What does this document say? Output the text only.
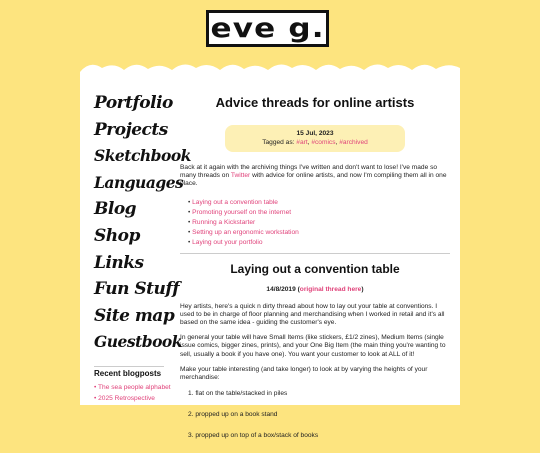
eve g.
Portfolio
Projects
Sketchbook
Languages
Blog
Shop
Links
Fun Stuff
Site map
Guestbook
Recent blogposts
• The sea people alphabet
• 2025 Retrospective
Advice threads for online artists
15 Jul, 2023
Tagged as: #art, #comics, #archived

Back at it again with the archiving things I've written and don't want to lose! I've made so many threads on Twitter with advice for online artists, and now I'm compiling them all in one place.

• Laying out a convention table
• Promoting yourself on the internet
• Running a Kickstarter
• Setting up an ergonomic workstation
• Laying out your portfolio
Laying out a convention table
14/8/2019 (original thread here)

Hey artists, here's a quick n dirty thread about how to lay out your table at conventions. I used to be in charge of floor planning and merchandising when I worked in retail and it's all based on the same idea - guiding the customer's eye.

In general your table will have Small Items (like stickers, £1/2 zines), Medium Items (single issue comics, bigger zines, prints), and your One Big Item (the main thing you're wanting to sell, usually a book if you have one). You want your customer to look at ALL of it!

Make your table interesting (and take longer) to look at by varying the heights of your merchandise:

1. flat on the table/stacked in piles
2. propped up on a book stand
3. propped up on top of a box/stack of books
